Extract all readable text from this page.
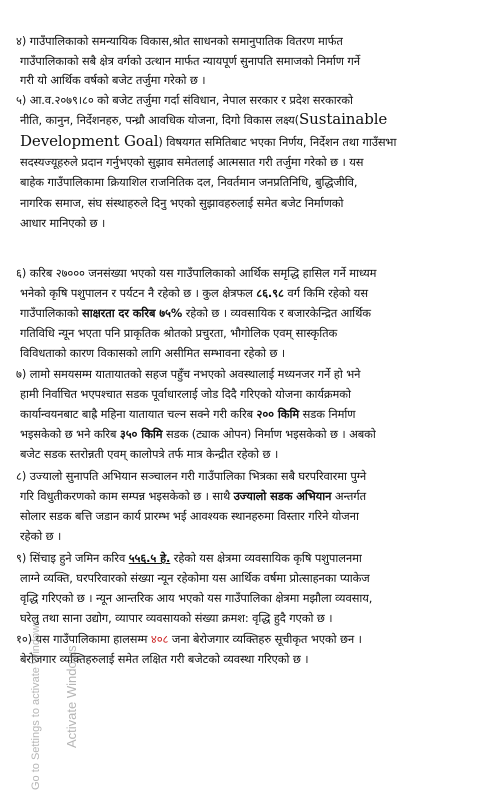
४) गाउँपालिकाको समन्यायिक विकास,श्रोत साधनको समानुपातिक वितरण मार्फत
गाउँपालिकाको सबै क्षेत्र वर्गको उत्थान मार्फत न्यायपूर्ण सुनापति समाजको निर्माण गर्ने
गरी यो आर्थिक वर्षको बजेट तर्जुमा गरेको छ ।
५) आ.व.२०७९।८० को बजेट तर्जुमा गर्दा संविधान, नेपाल सरकार र प्रदेश सरकारको
नीति, कानुन, निर्देशनहरु, पन्ध्रौ आवधिक योजना, दिगो विकास लक्ष्य(Sustainable
Development Goal) विषयगत समितिबाट भएका निर्णय, निर्देशन तथा गाउँसभा
सदस्यज्यूहरुले प्रदान गर्नुभएको सुझाव समेतलाई आत्मसात गरी तर्जुमा गरेको छ । यस
बाहेक गाउँपालिकामा क्रियाशिल राजनितिक दल, निवर्तमान जनप्रतिनिधि, बुद्धिजीवि,
नागरिक समाज, संघ संस्थाहरुले दिनु भएको सुझावहरुलाई समेत बजेट निर्माणको
आधार मानिएको छ ।
६) करिब २७००० जनसंख्या भएको यस गाउँपालिकाको आर्थिक समृद्धि हासिल गर्ने माध्यम
भनेको कृषि पशुपालन र पर्यटन नै रहेको छ । कुल क्षेत्रफल ८६.९८ वर्ग किमि रहेको यस
गाउँपालिकाको साक्षरता दर करिब ७५% रहेको छ । व्यवसायिक र बजारकेन्द्रित आर्थिक
गतिविधि न्यून भएता पनि प्राकृतिक श्रोतको प्रचुरता, भौगोलिक एवम् सास्कृतिक
विविधताको कारण विकासको लागि असीमित सम्भावना रहेको छ ।
७) लामो समयसम्म यातायातको सहज पहुँच नभएको अवस्थालाई मध्यनजर गर्ने हो भने
हामी निर्वाचित भएपश्चात सडक पूर्वाधारलाई जोड दिदै गरिएको योजना कार्यक्रमको
कार्यान्वयनबाट बाह्रै महिना यातायात चल्न सक्ने गरी करिब २०० किमि सडक निर्माण
भइसकेको छ भने करिब ३५० किमि सडक (ट्याक ओपन) निर्माण भइसकेको छ । अबको
बजेट सडक स्तरोन्नती एवम् कालोपत्रे तर्फ मात्र केन्द्रीत रहेको छ ।
८) उज्यालो सुनापति अभियान सञ्चालन गरी गाउँपालिका भित्रका सबै घरपरिवारमा पुग्ने
गरि विधुतीकरणको काम सम्पन्न भइसकेको छ । साथै उज्यालो सडक अभियान अन्तर्गत
सोलार सडक बत्ति जडान कार्य प्रारम्भ भई आवश्यक स्थानहरुमा विस्तार गरिने योजना
रहेको छ ।
९) सिंचाइ हुने जमिन करिव ५५६.५ हे. रहेको यस क्षेत्रमा व्यवसायिक कृषि पशुपालनमा
लाग्ने व्यक्ति, घरपरिवारको संख्या न्यून रहेकोमा यस आर्थिक वर्षमा प्रोत्साहनका प्याकेज
वृद्धि गरिएको छ । न्यून आन्तरिक आय भएको यस गाउँपालिका क्षेत्रमा मझौला व्यवसाय,
घरेलु तथा साना उद्योग, व्यापार व्यवसायको संख्या क्रमश: वृद्धि हुदै गएको छ ।
१०) यस गाउँपालिकामा हालसम्म ४०८ जना बेरोजगार व्यक्तिहरु सूचीकृत भएको छन ।
बेरोजगार व्यक्तिहरुलाई समेत लक्षित गरी बजेटको व्यवस्था गरिएको छ ।
Activate Windows
Go to Settings to activate Windows.
